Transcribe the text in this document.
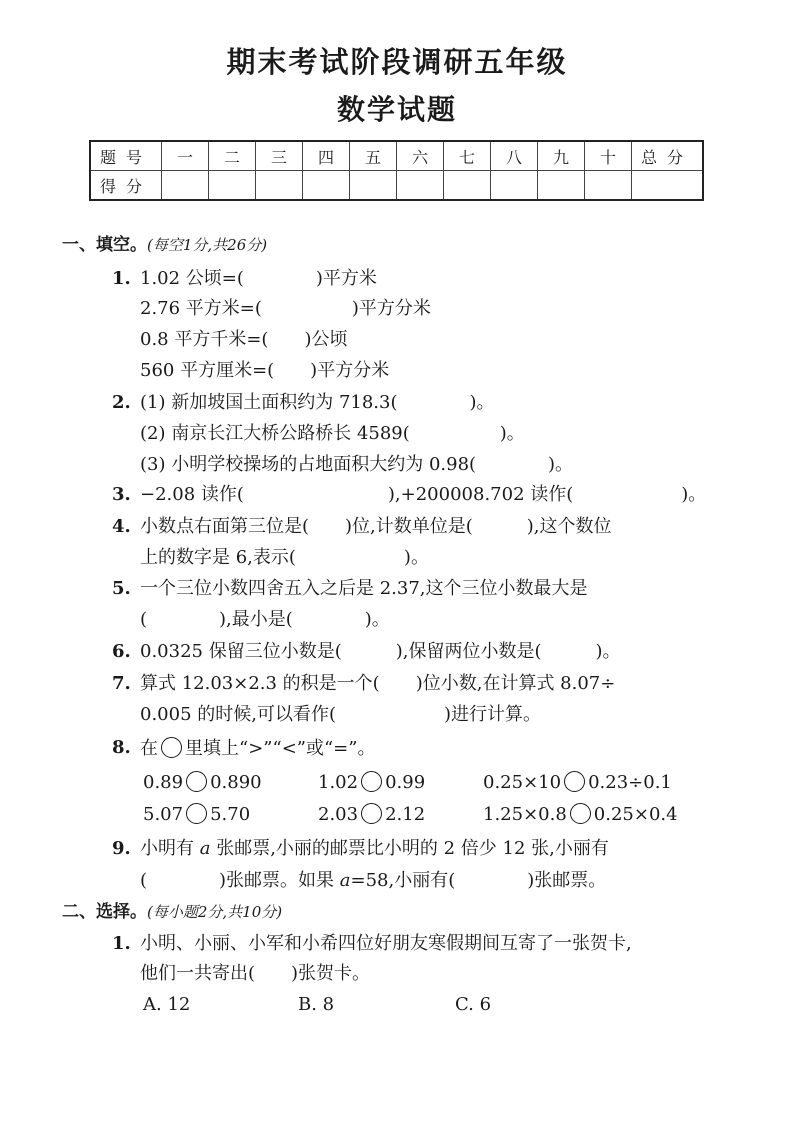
期末考试阶段调研五年级
数学试题
题号	一	二	三	四	五	六	七	八	九	十	总分
得分											
一、填空。(每空1分,共26分)
1. 1.02 公顷=(　　　　)平方米
2.76 平方米=(　　　　　)平方分米
0.8 平方千米=(　　)公顷
560 平方厘米=(　　)平方分米
2. (1) 新加坡国土面积约为 718.3(　　　　)。
(2) 南京长江大桥公路桥长 4589(　　　　　)。
(3) 小明学校操场的占地面积大约为 0.98(　　　　)。
3. −2.08 读作(　　　　　　　　),+200008.702 读作(　　　　　　)。
4. 小数点右面第三位是(　　)位,计数单位是(　　　),这个数位
上的数字是 6,表示(　　　　　　)。
5. 一个三位小数四舍五入之后是 2.37,这个三位小数最大是
(　　　　),最小是(　　　　)。
6. 0.0325 保留三位小数是(　　　),保留两位小数是(　　　)。
7. 算式 12.03×2.3 的积是一个(　　)位小数,在计算式 8.07÷
0.005 的时候,可以看作(　　　　　　)进行计算。
8. 在 里填上“>”“<”或“=”。
0.89 0.890	1.02 0.99	0.25×10 0.23÷0.1
5.07 5.70	2.03 2.12	1.25×0.8 0.25×0.4
9. 小明有 a 张邮票,小丽的邮票比小明的 2 倍少 12 张,小丽有
(　　　　)张邮票。如果 a=58,小丽有(　　　　)张邮票。
二、选择。(每小题2分,共10分)
1. 小明、小丽、小军和小希四位好朋友寒假期间互寄了一张贺卡,
他们一共寄出(　　)张贺卡。
A. 12	B. 8	C. 6
